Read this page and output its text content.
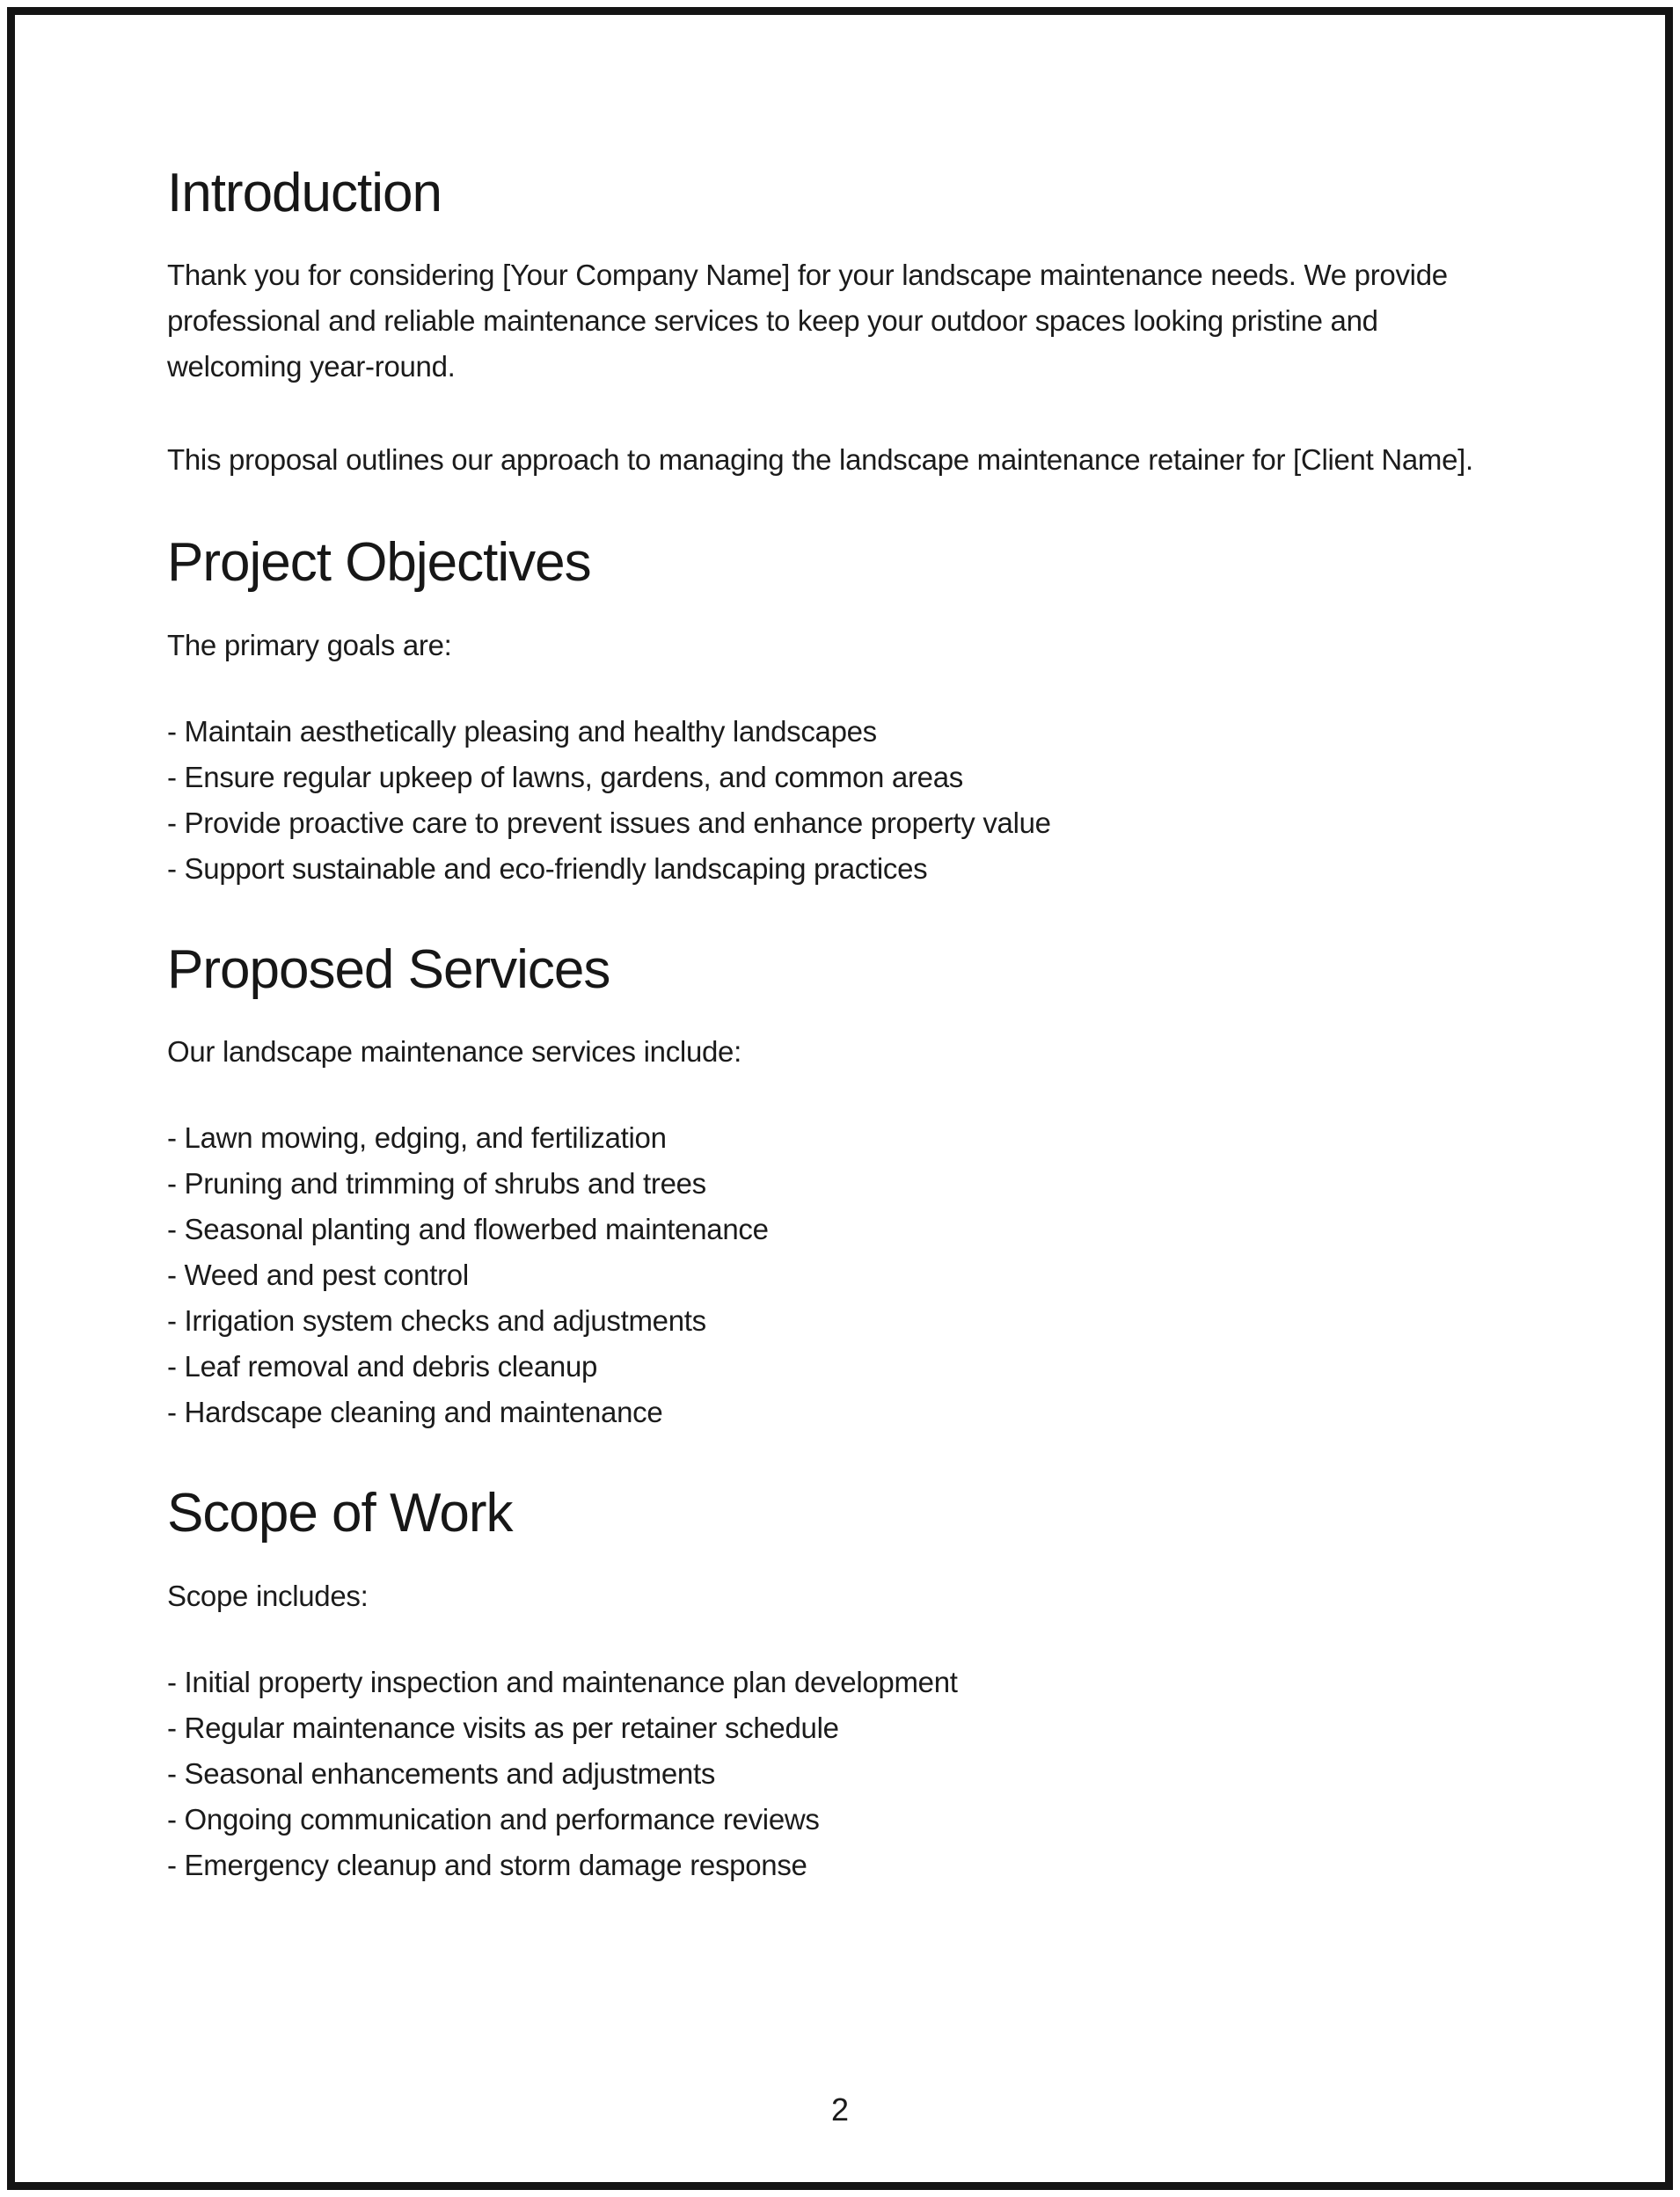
Introduction

Thank you for considering [Your Company Name] for your landscape maintenance needs. We provide
professional and reliable maintenance services to keep your outdoor spaces looking pristine and
welcoming year-round.

This proposal outlines our approach to managing the landscape maintenance retainer for [Client Name].

Project Objectives

The primary goals are:

- Maintain aesthetically pleasing and healthy landscapes
- Ensure regular upkeep of lawns, gardens, and common areas
- Provide proactive care to prevent issues and enhance property value
- Support sustainable and eco-friendly landscaping practices
Proposed Services

Our landscape maintenance services include:

- Lawn mowing, edging, and fertilization
- Pruning and trimming of shrubs and trees
- Seasonal planting and flowerbed maintenance
- Weed and pest control
- Irrigation system checks and adjustments
- Leaf removal and debris cleanup
- Hardscape cleaning and maintenance
Scope of Work

Scope includes:

- Initial property inspection and maintenance plan development
- Regular maintenance visits as per retainer schedule
- Seasonal enhancements and adjustments
- Ongoing communication and performance reviews
- Emergency cleanup and storm damage response
2
